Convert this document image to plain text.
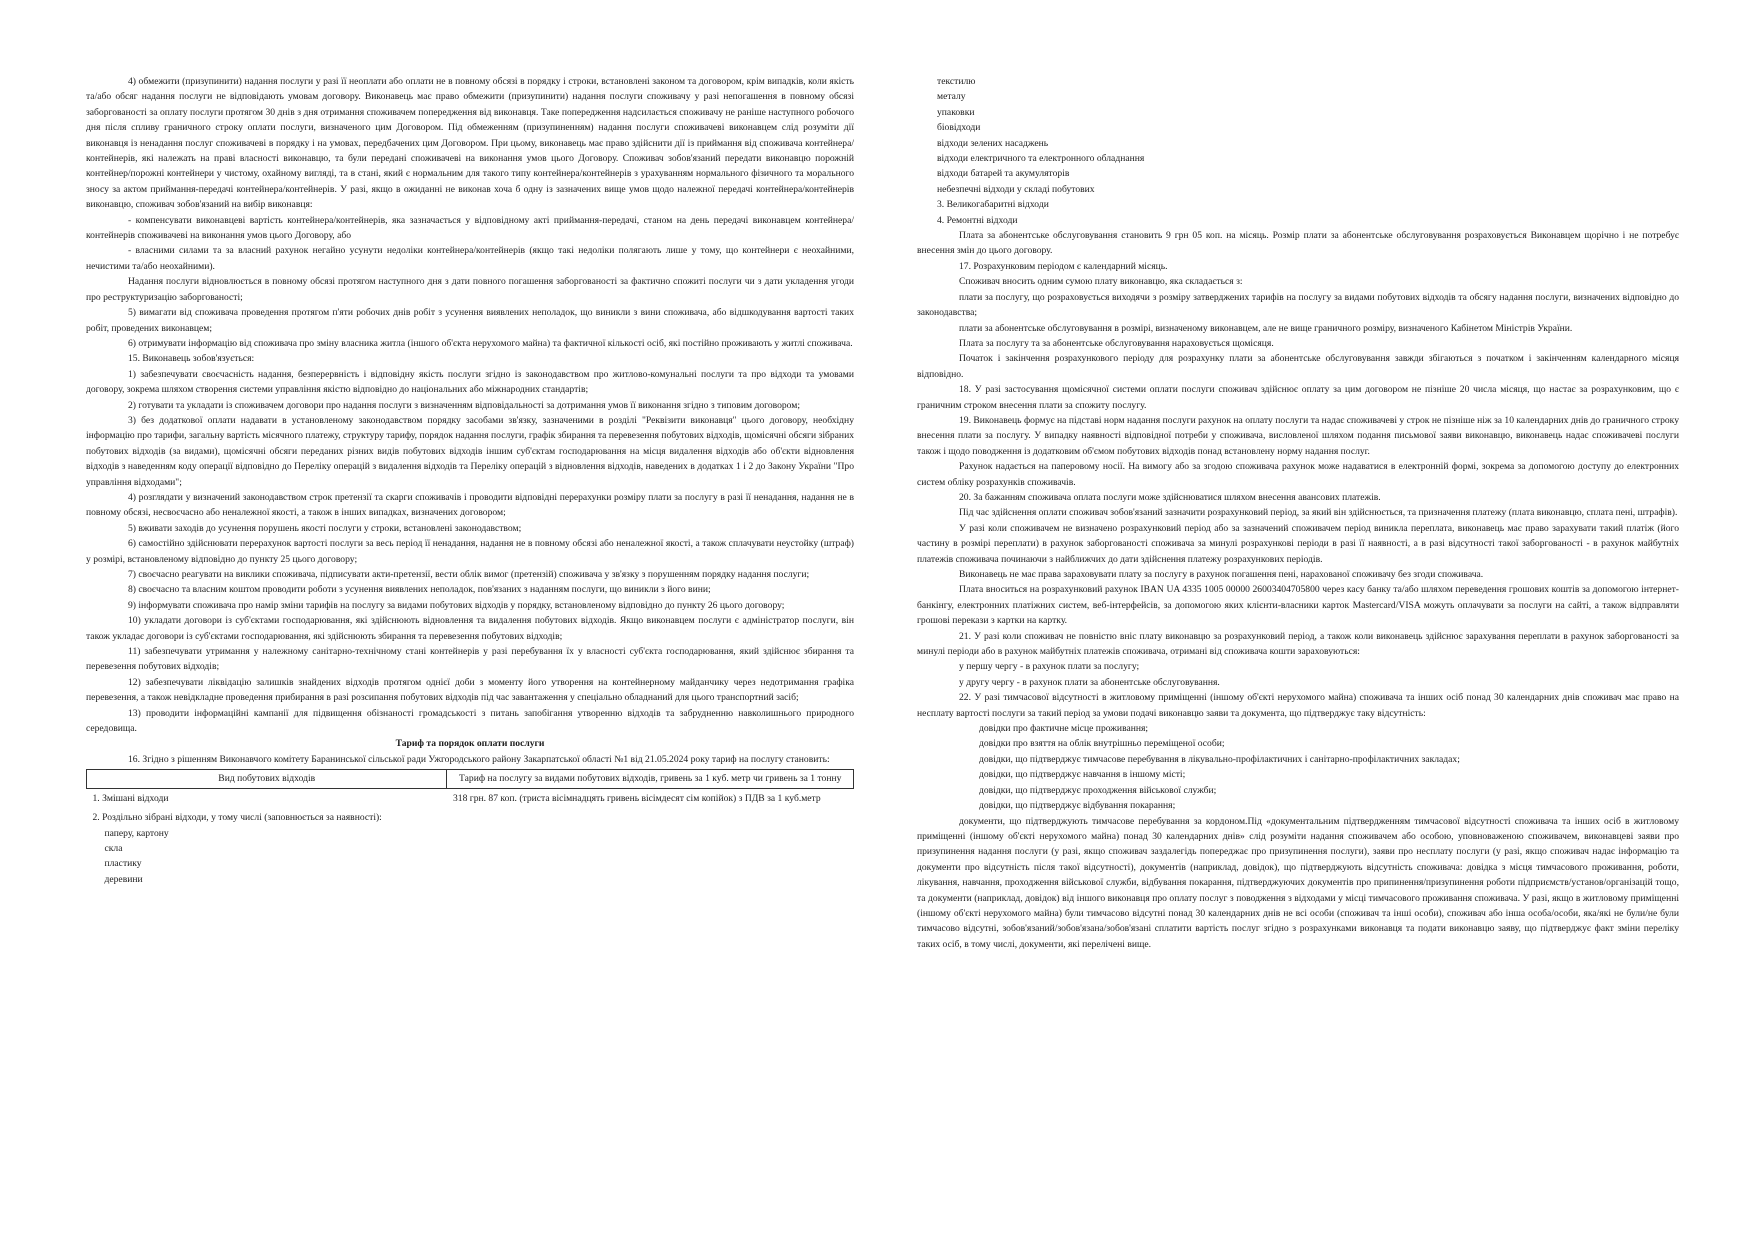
4) обмежити (призупинити) надання послуги у разі її неоплати або оплати не в повному обсязі в порядку і строки, встановлені законом та договором, крім випадків, коли якість та/або обсяг надання послуги не відповідають умовам договору. Виконавець має право обмежити (призупинити) надання послуги споживачу у разі непогашення в повному обсязі заборгованості за оплату послуги протягом 30 днів з дня отримання споживачем попередження від виконавця. Таке попередження надсилається споживачу не раніше наступного робочого дня після спливу граничного строку оплати послуги, визначеного цим Договором. Під обмеженням (призупиненням) надання послуги споживачеві виконавцем слід розуміти дії виконавця із ненадання послуг споживачеві в порядку і на умовах, передбачених цим Договором. При цьому, виконавець має право здійснити дії із приймання від споживача контейнера/контейнерів, які належать на праві власності виконавцю, та були передані споживачеві на виконання умов цього Договору. Споживач зобов'язаний передати виконавцю порожній контейнер/порожні контейнери у чистому, охайному вигляді, та в стані, який є нормальним для такого типу контейнера/контейнерів з урахуванням нормального фізичного та морального зносу за актом приймання-передачі контейнера/контейнерів. У разі, якщо в ожиданні не виконав хоча б одну із зазначених вище умов щодо належної передачі контейнера/контейнерів виконавцю, споживач зобов'язаний на вибір виконавця:

- компенсувати виконавцеві вартість контейнера/контейнерів, яка зазначається у відповідному акті приймання-передачі, станом на день передачі виконавцем контейнера/контейнерів споживачеві на виконання умов цього Договору, або

- власними силами та за власний рахунок негайно усунути недоліки контейнера/контейнерів (якщо такі недоліки полягають лише у тому, що контейнери є неохайними, нечистими та/або неохайними).

Надання послуги відновлюється в повному обсязі протягом наступного дня з дати повного погашення заборгованості за фактично спожиті послуги чи з дати укладення угоди про реструктуризацію заборгованості;

5) вимагати від споживача проведення протягом п'яти робочих днів робіт з усунення виявлених неполадок, що виникли з вини споживача, або відшкодування вартості таких робіт, проведених виконавцем;

6) отримувати інформацію від споживача про зміну власника житла (іншого об'єкта нерухомого майна) та фактичної кількості осіб, які постійно проживають у житлі споживача.

15. Виконавець зобов'язується:

1) забезпечувати своєчасність надання, безперервність і відповідну якість послуги згідно із законодавством про житлово-комунальні послуги та про відходи та умовами договору, зокрема шляхом створення системи управління якістю відповідно до національних або міжнародних стандартів;

2) готувати та укладати із споживачем договори про надання послуги з визначенням відповідальності за дотримання умов її виконання згідно з типовим договором;

3) без додаткової оплати надавати в установленому законодавством порядку засобами зв'язку, зазначеними в розділі "Реквізити виконавця" цього договору, необхідну інформацію про тарифи, загальну вартість місячного платежу, структуру тарифу, порядок надання послуги, графік збирання та перевезення побутових відходів, щомісячні обсяги зібраних побутових відходів (за видами), щомісячні обсяги переданих різних видів побутових відходів іншим суб'єктам господарювання на місця видалення відходів або об'єкти відновлення відходів з наведенням коду операції відповідно до Переліку операцій з видалення відходів та Переліку операцій з відновлення відходів, наведених в додатках 1 і 2 до Закону України "Про управління відходами";

4) розглядати у визначений законодавством строк претензії та скарги споживачів і проводити відповідні перерахунки розміру плати за послугу в разі її ненадання, надання не в повному обсязі, несвоєчасно або неналежної якості, а також в інших випадках, визначених договором;

5) вживати заходів до усунення порушень якості послуги у строки, встановлені законодавством;

6) самостійно здійснювати перерахунок вартості послуги за весь період її ненадання, надання не в повному обсязі або неналежної якості, а також сплачувати неустойку (штраф) у розмірі, встановленому відповідно до пункту 25 цього договору;

7) своєчасно реагувати на виклики споживача, підписувати акти-претензії, вести облік вимог (претензій) споживача у зв'язку з порушенням порядку надання послуги;

8) своєчасно та власним коштом проводити роботи з усунення виявлених неполадок, пов'язаних з наданням послуги, що виникли з його вини;

9) інформувати споживача про намір зміни тарифів на послугу за видами побутових відходів у порядку, встановленому відповідно до пункту 26 цього договору;

10) укладати договори із суб'єктами господарювання, які здійснюють відновлення та видалення побутових відходів. Якщо виконавцем послуги є адміністратор послуги, він також укладає договори із суб'єктами господарювання, які здійснюють збирання та перевезення побутових відходів;

11) забезпечувати утримання у належному санітарно-технічному стані контейнерів у разі перебування їх у власності суб'єкта господарювання, який здійснює збирання та перевезення побутових відходів;

12) забезпечувати ліквідацію залишків знайдених відходів протягом однієї доби з моменту його утворення на контейнерному майданчику через недотримання графіка перевезення, а також невідкладне проведення прибирання в разі розсипання побутових відходів під час завантаження у спеціально обладнаний для цього транспортний засіб;

13) проводити інформаційні кампанії для підвищення обізнаності громадськості з питань запобігання утворенню відходів та забрудненню навколишнього природного середовища.

Тариф та порядок оплати послуги

16. Згідно з рішенням Виконавчого комітету Баранинської сільської ради Ужгородського району Закарпатської області №1 від 21.05.2024 року тариф на послугу становить:

Вид побутових відходів	Тариф на послугу за видами побутових відходів, гривень за 1 куб. метр чи гривень за 1 тонну
1. Змішані відходи	318 грн. 87 коп. (триста вісімнадцять гривень вісімдесят сім копійок) з ПДВ за 1 куб.метр

2. Роздільно зібрані відходи, у тому числі (заповнюється за наявності):
паперу, картону
скла
пластику
деревини	

текстилю
металу
упаковки
біовідходи
відходи зелених насаджень
відходи електричного та електронного обладнання
відходи батарей та акумуляторів
небезпечні відходи у складі побутових
3. Великогабаритні відходи
4. Ремонтні відходи

Плата за абонентське обслуговування становить 9 грн 05 коп. на місяць. Розмір плати за абонентське обслуговування розраховується Виконавцем щорічно і не потребує внесення змін до цього договору.

17. Розрахунковим періодом є календарний місяць.

Споживач вносить одним сумою плату виконавцю, яка складається з:

плати за послугу, що розраховується виходячи з розміру затверджених тарифів на послугу за видами побутових відходів та обсягу надання послуги, визначених відповідно до законодавства;

плати за абонентське обслуговування в розмірі, визначеному виконавцем, але не вище граничного розміру, визначеного Кабінетом Міністрів України.

Плата за послугу та за абонентське обслуговування нараховується щомісяця.

Початок і закінчення розрахункового періоду для розрахунку плати за абонентське обслуговування завжди збігаються з початком і закінченням календарного місяця відповідно.

18. У разі застосування щомісячної системи оплати послуги споживач здійснює оплату за цим договором не пізніше 20 числа місяця, що настає за розрахунковим, що є граничним строком внесення плати за спожиту послугу.

19. Виконавець формує на підставі норм надання послуги рахунок на оплату послуги та надає споживачеві у строк не пізніше ніж за 10 календарних днів до граничного строку внесення плати за послугу. У випадку наявності відповідної потреби у споживача, висловленої шляхом подання письмової заяви виконавцю, виконавець надає споживачеві послуги також і щодо поводження із додатковим об'ємом побутових відходів понад встановлену норму надання послуг.

Рахунок надається на паперовому носії. На вимогу або за згодою споживача рахунок може надаватися в електронній формі, зокрема за допомогою доступу до електронних систем обліку розрахунків споживачів.

20. За бажанням споживача оплата послуги може здійснюватися шляхом внесення авансових платежів.

Під час здійснення оплати споживач зобов'язаний зазначити розрахунковий період, за який він здійснюється, та призначення платежу (плата виконавцю, сплата пені, штрафів).

У разі коли споживачем не визначено розрахунковий період або за зазначений споживачем період виникла переплата, виконавець має право зарахувати такий платіж (його частину в розмірі переплати) в рахунок заборгованості споживача за минулі розрахункові періоди в разі її наявності, а в разі відсутності такої заборгованості - в рахунок майбутніх платежів споживача починаючи з найближчих до дати здійснення платежу розрахункових періодів.

Виконавець не має права зараховувати плату за послугу в рахунок погашення пені, нарахованої споживачу без згоди споживача.

Плата вноситься на розрахунковий рахунок IBAN UA 4335 1005 00000 26003404705800 через касу банку та/або шляхом переведення грошових коштів за допомогою інтернет-банкінгу, електронних платіжних систем, веб-інтерфейсів, за допомогою яких клієнти-власники карток Mastercard/VISA можуть оплачувати за послуги на сайті, а також відправляти грошові перекази з картки на картку.

21. У разі коли споживач не повністю вніс плату виконавцю за розрахунковий період, а також коли виконавець здійснює зарахування переплати в рахунок заборгованості за минулі періоди або в рахунок майбутніх платежів споживача, отримані від споживача кошти зараховуються:

у першу чергу - в рахунок плати за послугу;

у другу чергу - в рахунок плати за абонентське обслуговування.

22. У разі тимчасової відсутності в житловому приміщенні (іншому об'єкті нерухомого майна) споживача та інших осіб понад 30 календарних днів споживач має право на несплату вартості послуги за такий період за умови подачі виконавцю заяви та документа, що підтверджує таку відсутність:

довідки про фактичне місце проживання;

довідки про взяття на облік внутрішньо переміщеної особи;

довідки, що підтверджує тимчасове перебування в лікувально-профілактичних і санітарно-профілактичних закладах;

довідки, що підтверджує навчання в іншому місті;

довідки, що підтверджує проходження військової служби;

довідки, що підтверджує відбування покарання;

документи, що підтверджують тимчасове перебування за кордоном.Під «документальним підтвердженням тимчасової відсутності споживача та інших осіб в житловому приміщенні (іншому об'єкті нерухомого майна) понад 30 календарних днів» слід розуміти надання споживачем або особою, уповноваженою споживачем, виконавцеві заяви про призупинення надання послуги (у разі, якщо споживач заздалегідь попереджає про призупинення послуги), заяви про несплату послуги (у разі, якщо споживач надає інформацію та документи про відсутність після такої відсутності), документів (наприклад, довідок), що підтверджують відсутність споживача: довідка з місця тимчасового проживання, роботи, лікування, навчання, проходження військової служби, відбування покарання, підтверджуючих документів про припинення/призупинення роботи підприємств/установ/організацій тощо, та документи (наприклад, довідок) від іншого виконавця про оплату послуг з поводження з відходами у місці тимчасового проживання споживача. У разі, якщо в житловому приміщенні (іншому об'єкті нерухомого майна) були тимчасово відсутні понад 30 календарних днів не всі особи (споживач та інші особи), споживач або інша особа/особи, яка/які не були/не були тимчасово відсутні, зобов'язаний/зобов'язана/зобов'язані сплатити вартість послуг згідно з розрахунками виконавця та подати виконавцю заяву, що підтверджує факт зміни переліку таких осіб, в тому числі, документи, які перелічені вище.
